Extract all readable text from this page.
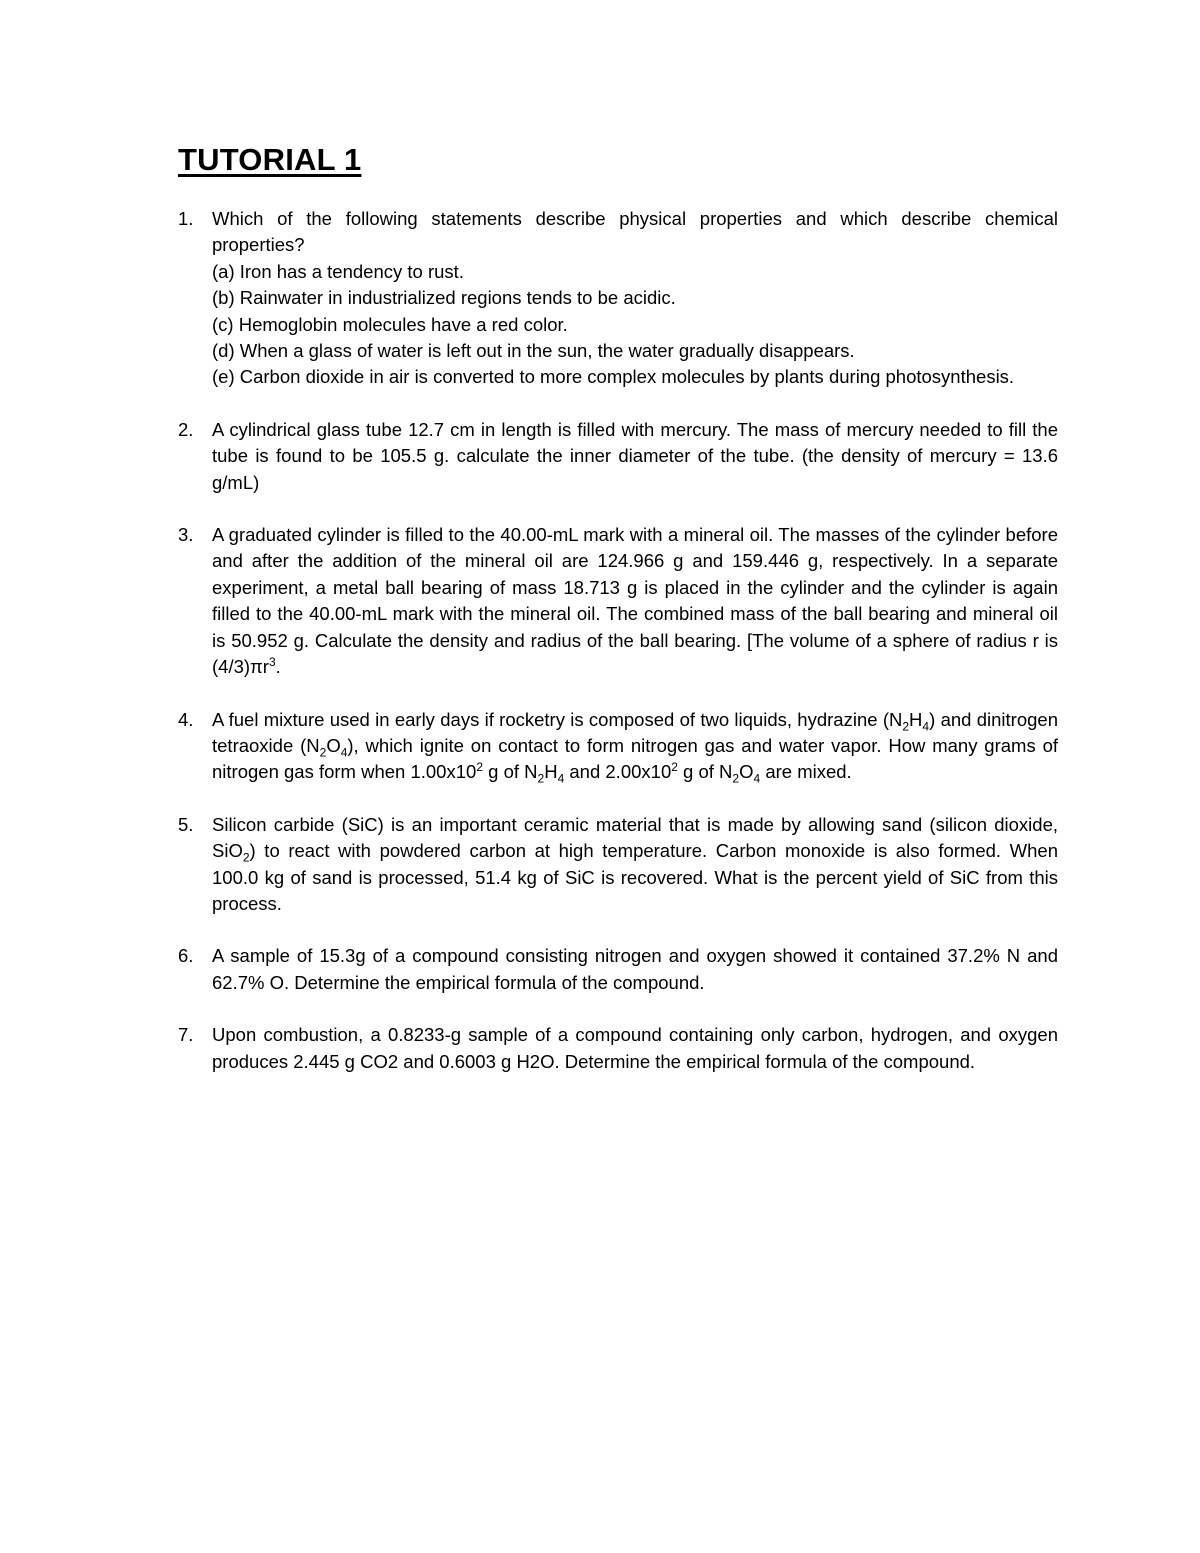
TUTORIAL 1
1. Which of the following statements describe physical properties and which describe chemical properties?
(a) Iron has a tendency to rust.
(b) Rainwater in industrialized regions tends to be acidic.
(c) Hemoglobin molecules have a red color.
(d) When a glass of water is left out in the sun, the water gradually disappears.
(e) Carbon dioxide in air is converted to more complex molecules by plants during photosynthesis.
2. A cylindrical glass tube 12.7 cm in length is filled with mercury. The mass of mercury needed to fill the tube is found to be 105.5 g. calculate the inner diameter of the tube. (the density of mercury = 13.6 g/mL)
3. A graduated cylinder is filled to the 40.00-mL mark with a mineral oil. The masses of the cylinder before and after the addition of the mineral oil are 124.966 g and 159.446 g, respectively. In a separate experiment, a metal ball bearing of mass 18.713 g is placed in the cylinder and the cylinder is again filled to the 40.00-mL mark with the mineral oil. The combined mass of the ball bearing and mineral oil is 50.952 g. Calculate the density and radius of the ball bearing. [The volume of a sphere of radius r is $(4/3)\pi r^3$.
4. A fuel mixture used in early days if rocketry is composed of two liquids, hydrazine $(N_2H_4)$ and dinitrogen tetraoxide $(N_2O_4)$, which ignite on contact to form nitrogen gas and water vapor. How many grams of nitrogen gas form when $1.00x10^2$ g of $N_2H_4$ and $2.00x10^2$ g of $N_2O_4$ are mixed.
5. Silicon carbide (SiC) is an important ceramic material that is made by allowing sand (silicon dioxide, SiO$_2$) to react with powdered carbon at high temperature. Carbon monoxide is also formed. When 100.0 kg of sand is processed, 51.4 kg of SiC is recovered. What is the percent yield of SiC from this process.
6. A sample of 15.3g of a compound consisting nitrogen and oxygen showed it contained 37.2% N and 62.7% O. Determine the empirical formula of the compound.
7. Upon combustion, a 0.8233-g sample of a compound containing only carbon, hydrogen, and oxygen produces 2.445 g CO2 and 0.6003 g H2O. Determine the empirical formula of the compound.
